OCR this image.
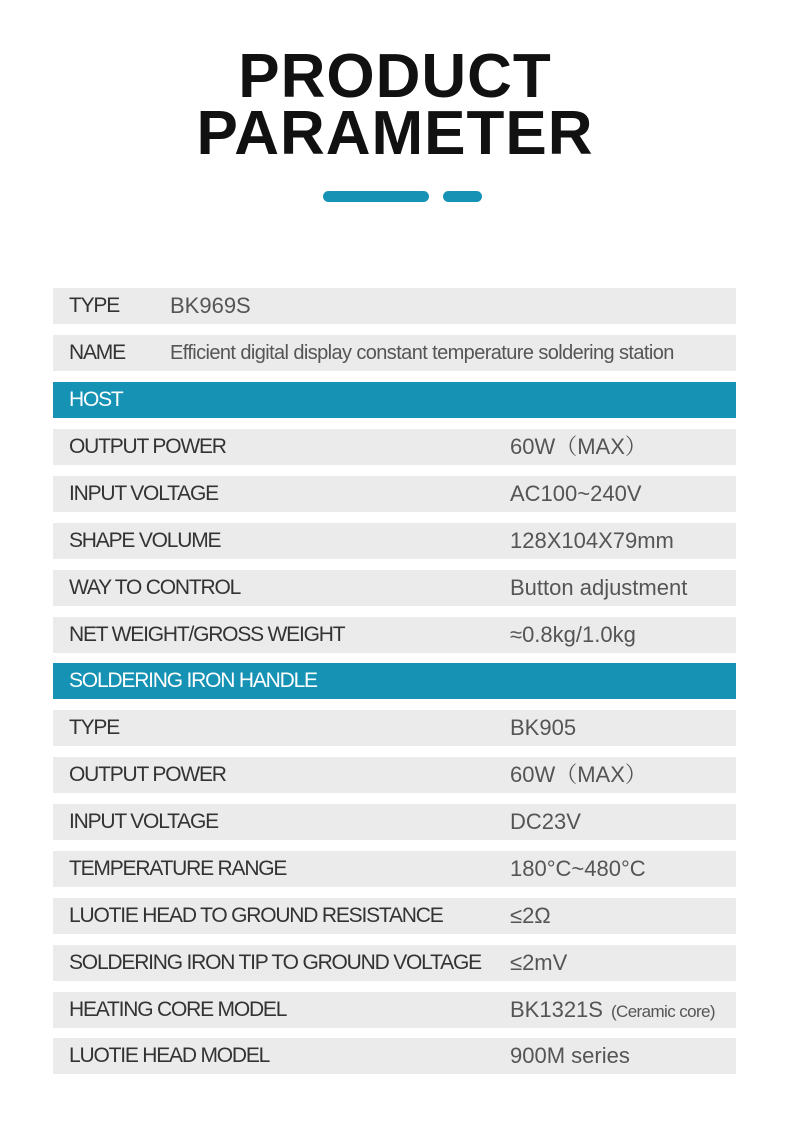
PRODUCT
PARAMETER
TYPE BK969S
NAME Efficient digital display constant temperature soldering station
HOST
OUTPUT POWER	60W（MAX）
INPUT VOLTAGE	AC100~240V
SHAPE VOLUME	128X104X79mm
WAY TO CONTROL	Button adjustment
NET WEIGHT/GROSS WEIGHT	≈0.8kg/1.0kg
SOLDERING IRON HANDLE
TYPE	BK905
OUTPUT POWER	60W（MAX）
INPUT VOLTAGE	DC23V
TEMPERATURE RANGE	180°C~480°C
LUOTIE HEAD TO GROUND RESISTANCE	≤2Ω
SOLDERING IRON TIP TO GROUND VOLTAGE ≤2mV
HEATING CORE MODEL	BK1321S (Ceramic core)
LUOTIE HEAD MODEL	900M series
